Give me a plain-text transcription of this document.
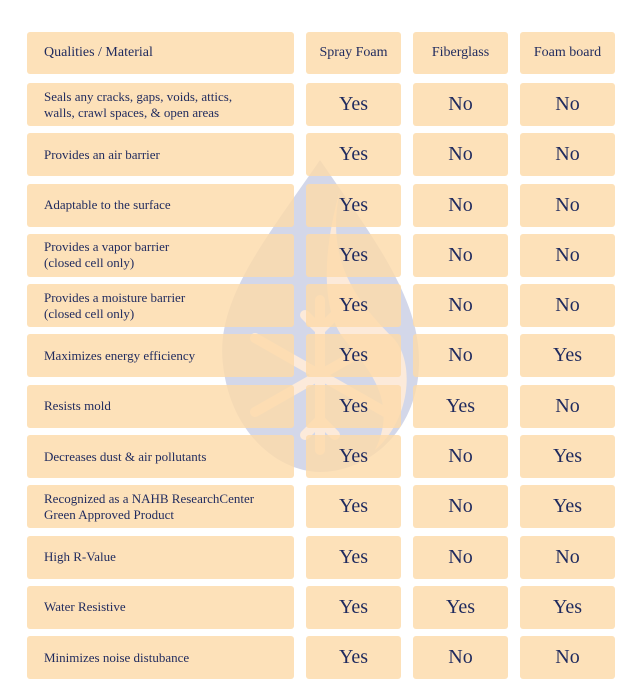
Qualities / Material	Spray Foam	Fiberglass	Foam board
Seals any cracks, gaps, voids, attics,
walls, crawl spaces, & open areas	Yes	No	No
Provides an air barrier	Yes	No	No
Adaptable to the surface	Yes	No	No
Provides a vapor barrier
(closed cell only)	Yes	No	No
Provides a moisture barrier
(closed cell only)	Yes	No	No
Maximizes energy efficiency	Yes	No	Yes
Resists mold	Yes	Yes	No
Decreases dust & air pollutants	Yes	No	Yes
Recognized as a NAHB ResearchCenter
Green Approved Product	Yes	No	Yes
High R-Value	Yes	No	No
Water Resistive	Yes	Yes	Yes
Minimizes noise distubance	Yes	No	No
